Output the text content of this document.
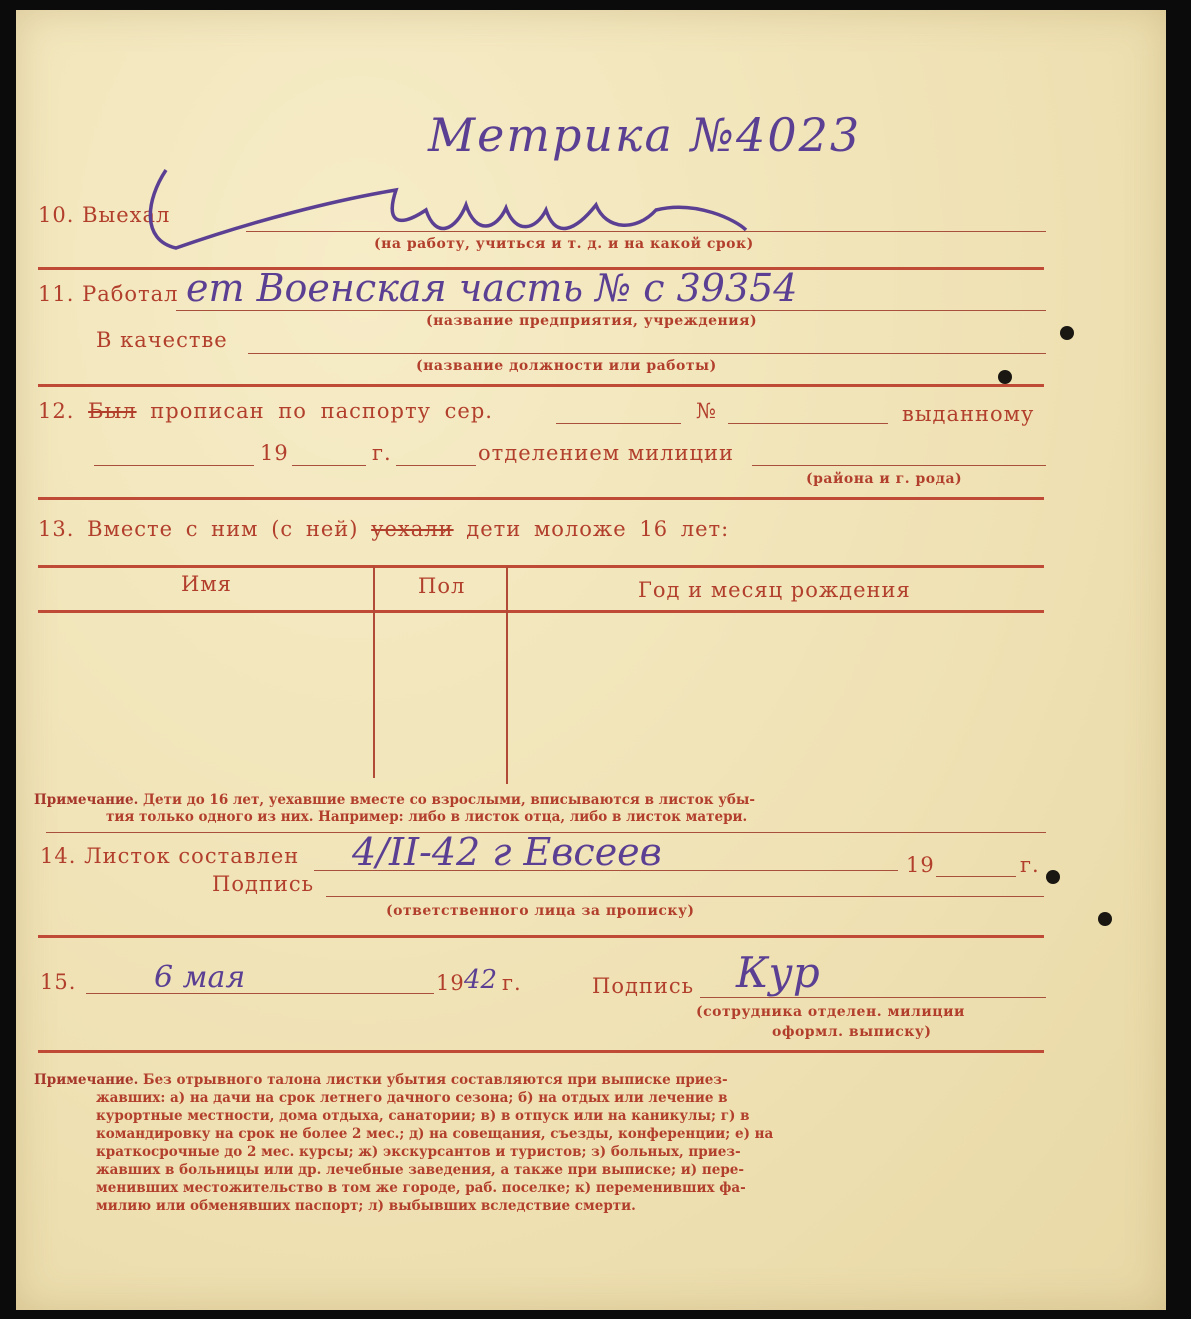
Метрика №4023
10. Выехал
(на работу, учиться и т. д. и на какой срок)
11. Работал ет Военская часть № с 39354
(название предприятия, учреждения)
В качестве
(название должности или работы)
12. Был прописан по паспорту сер.	№	выданному
19	г.	отделением милиции
(района и г. рода)
13. Вместе с ним (с ней) уехали дети моложе 16 лет:
Имя	Пол	Год и месяц рождения
Примечание. Дети до 16 лет, уехавшие вместе со взрослыми, вписываются в листок убы-
тия только одного из них. Например: либо в листок отца, либо в листок матери.
14. Листок составлен 4/II-42 г Евсеев	19	г.
Подпись
(ответственного лица за прописку)
15.	6 мая	19 42 г.	Подпись Кур
(сотрудника отделен. милиции
оформл. выписку)
Примечание. Без отрывного талона листки убытия составляются при выписке приез-
жавших: а) на дачи на срок летнего дачного сезона; б) на отдых или лечение в
курортные местности, дома отдыха, санатории; в) в отпуск или на каникулы; г) в
командировку на срок не более 2 мес.; д) на совещания, съезды, конференции; е) на
краткосрочные до 2 мес. курсы; ж) экскурсантов и туристов; з) больных, приез-
жавших в больницы или др. лечебные заведения, а также при выписке; и) пере-
менивших местожительство в том же городе, раб. поселке; к) переменивших фа-
милию или обменявших паспорт; л) выбывших вследствие смерти.
